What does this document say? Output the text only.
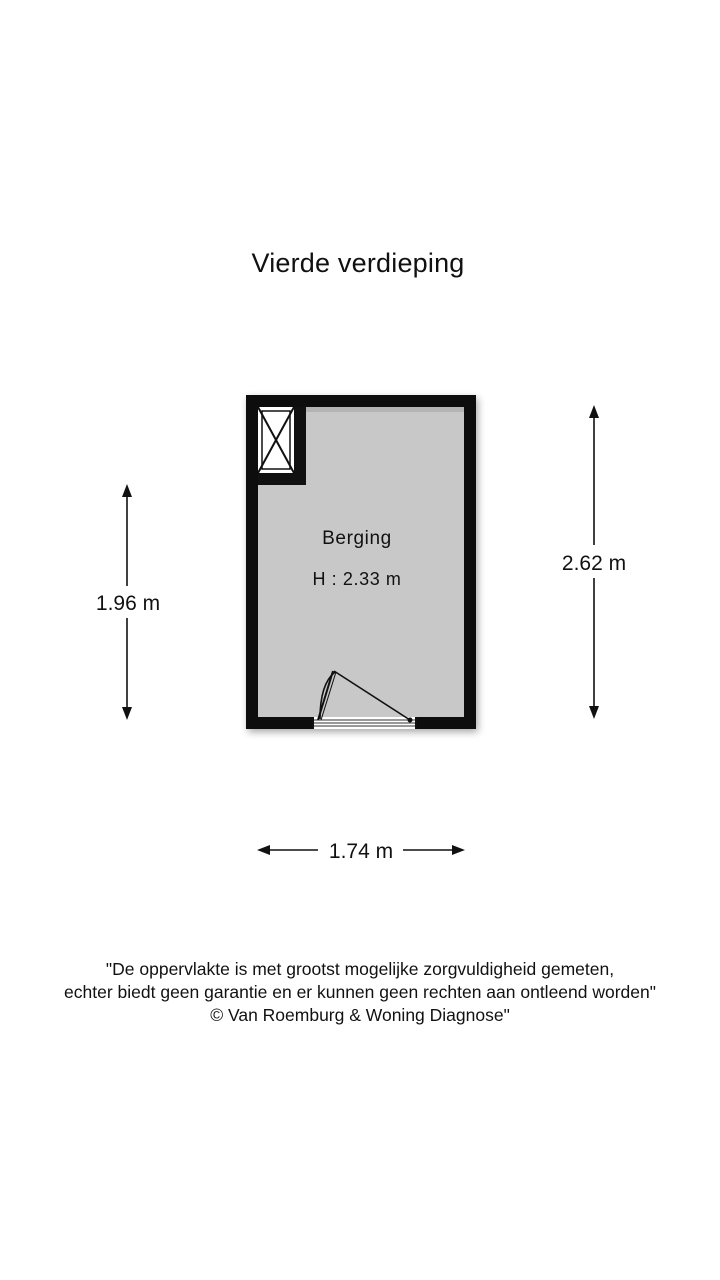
Vierde verdieping
Berging
H : 2.33 m
1.96 m
2.62 m
1.74 m
"De oppervlakte is met grootst mogelijke zorgvuldigheid gemeten,
echter biedt geen garantie en er kunnen geen rechten aan ontleend worden"
© Van Roemburg & Woning Diagnose"
